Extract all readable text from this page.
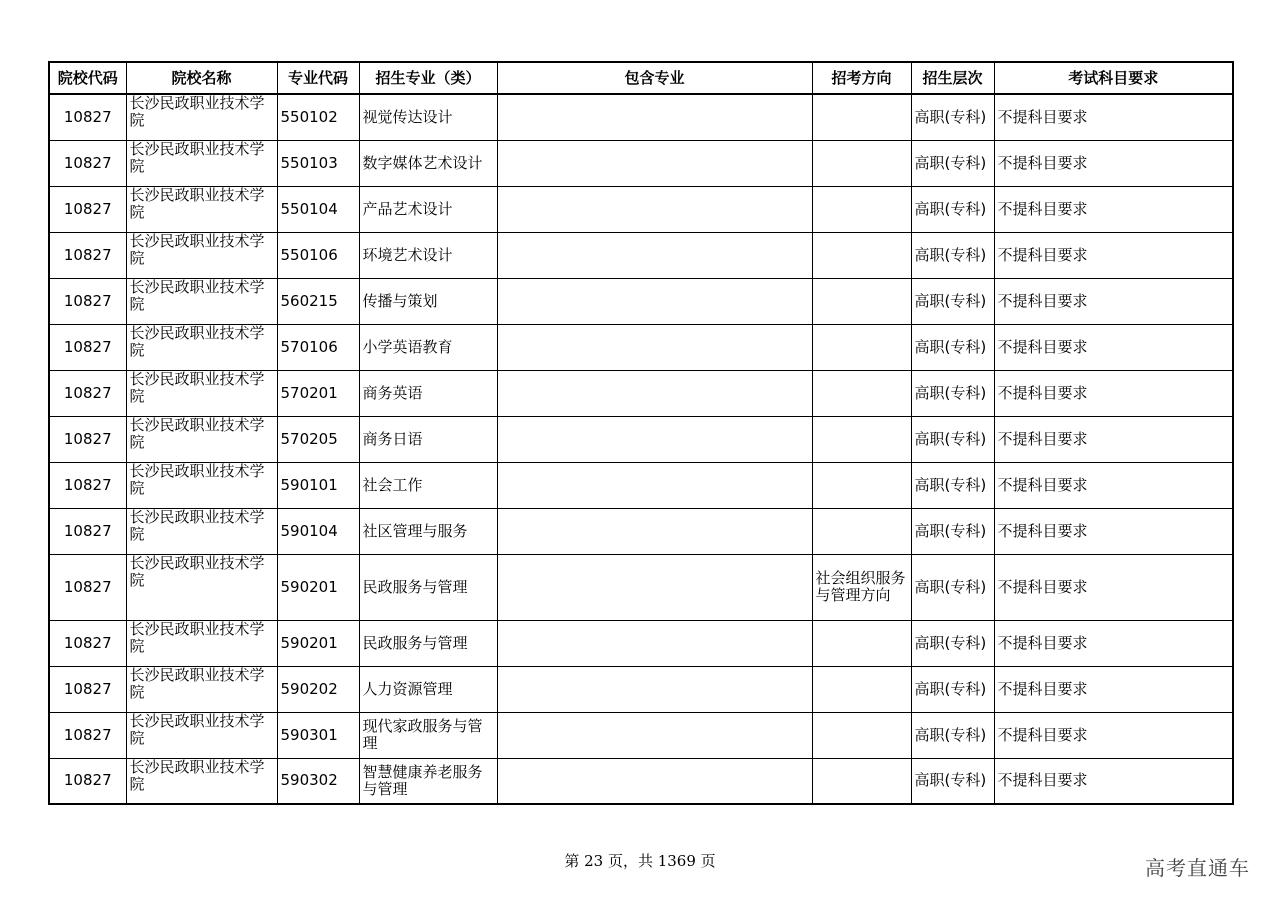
院校代码	院校名称	专业代码	招生专业（类）	包含专业	招考方向	招生层次	考试科目要求
10827	长沙民政职业技术学院	550102	视觉传达设计			高职(专科)	不提科目要求
10827	长沙民政职业技术学院	550103	数字媒体艺术设计			高职(专科)	不提科目要求
10827	长沙民政职业技术学院	550104	产品艺术设计			高职(专科)	不提科目要求
10827	长沙民政职业技术学院	550106	环境艺术设计			高职(专科)	不提科目要求
10827	长沙民政职业技术学院	560215	传播与策划			高职(专科)	不提科目要求
10827	长沙民政职业技术学院	570106	小学英语教育			高职(专科)	不提科目要求
10827	长沙民政职业技术学院	570201	商务英语			高职(专科)	不提科目要求
10827	长沙民政职业技术学院	570205	商务日语			高职(专科)	不提科目要求
10827	长沙民政职业技术学院	590101	社会工作			高职(专科)	不提科目要求
10827	长沙民政职业技术学院	590104	社区管理与服务			高职(专科)	不提科目要求
10827	长沙民政职业技术学院	590201	民政服务与管理		社会组织服务与管理方向	高职(专科)	不提科目要求
10827	长沙民政职业技术学院	590201	民政服务与管理			高职(专科)	不提科目要求
10827	长沙民政职业技术学院	590202	人力资源管理			高职(专科)	不提科目要求
10827	长沙民政职业技术学院	590301	现代家政服务与管理			高职(专科)	不提科目要求
10827	长沙民政职业技术学院	590302	智慧健康养老服务与管理			高职(专科)	不提科目要求
第 23 页，共 1369 页	高考直通车
